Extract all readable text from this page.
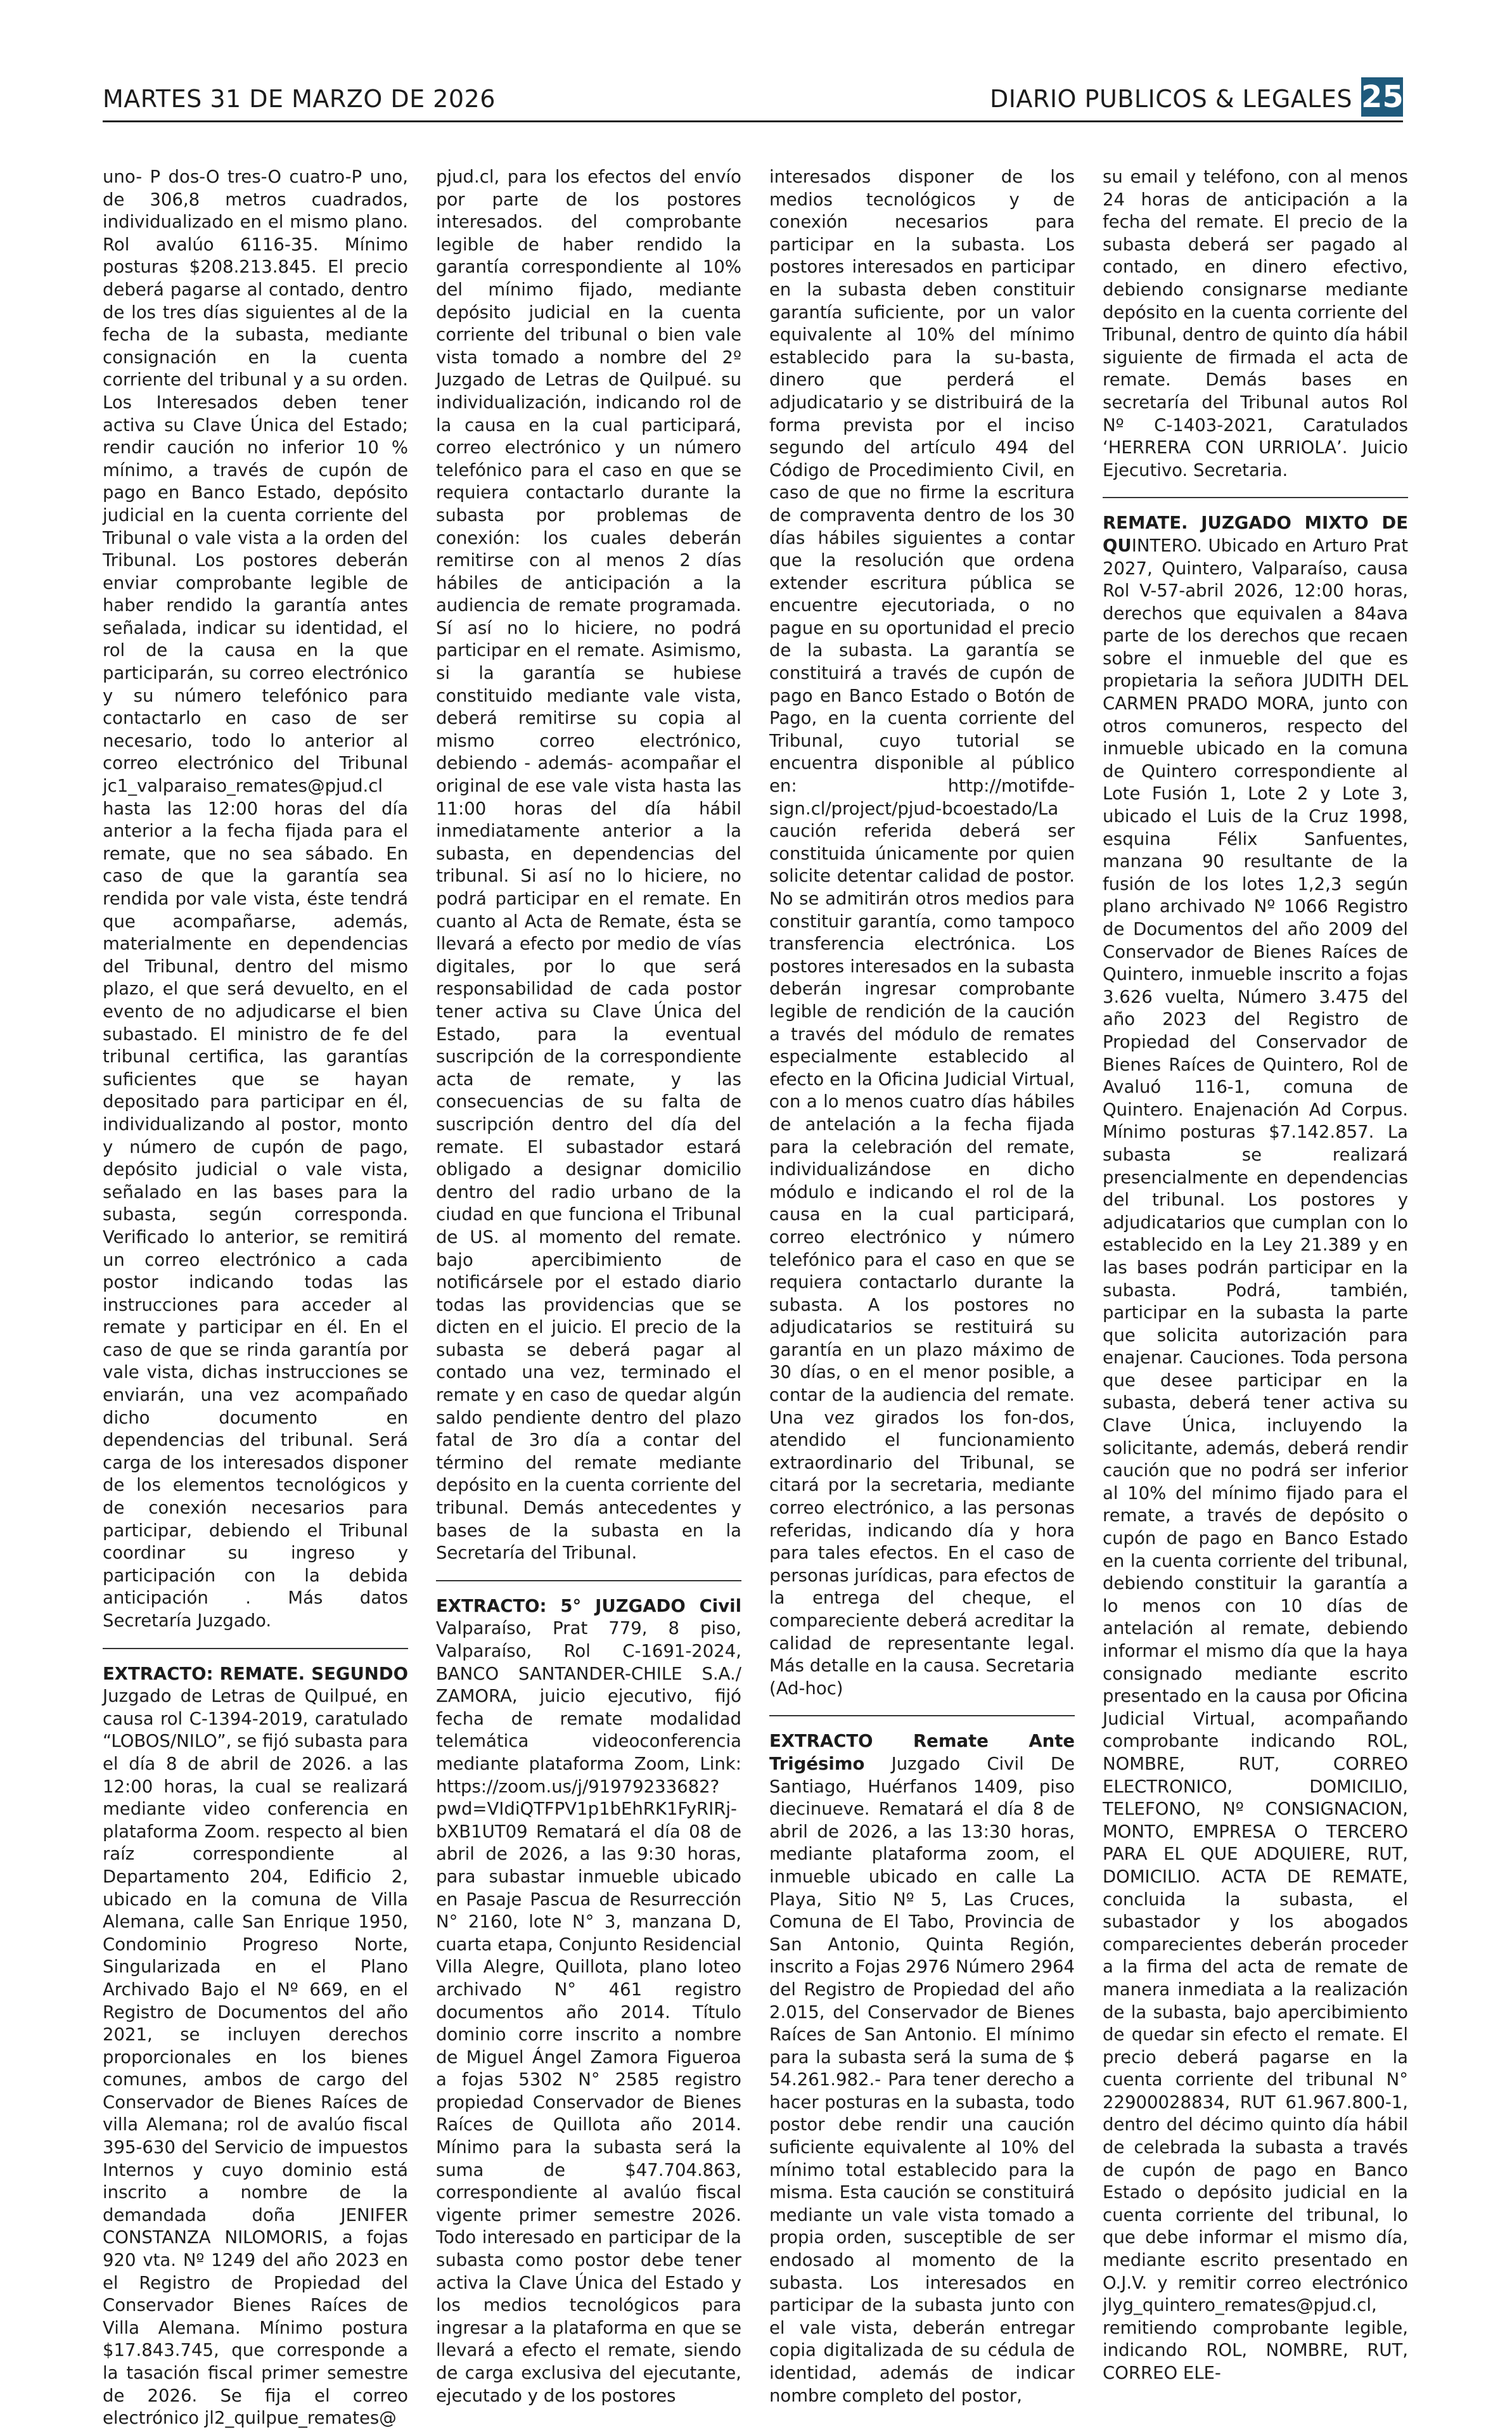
MARTES 31 DE MARZO DE 2026	DIARIO PUBLICOS & LEGALES 25

uno- P dos-O tres-O cuatro-P uno, de 306,8 metros cuadrados, individualizado en el mismo plano. Rol avalúo 6116-35. Mínimo posturas $208.213.845. El precio deberá pagarse al contado, dentro de los tres días siguientes al de la fecha de la subasta, mediante consignación en la cuenta corriente del tribunal y a su orden. Los Interesados deben tener activa su Clave Única del Estado; rendir caución no inferior 10 % mínimo, a través de cupón de pago en Banco Estado, depósito judicial en la cuenta corriente del Tribunal o vale vista a la orden del Tribunal. Los postores deberán enviar comprobante legible de haber rendido la garantía antes señalada, indicar su identidad, el rol de la causa en la que participarán, su correo electrónico y su número telefónico para contactarlo en caso de ser necesario, todo lo anterior al correo electrónico del Tribunal jc1_valparaiso_remates@pjud.cl hasta las 12:00 horas del día anterior a la fecha fijada para el remate, que no sea sábado. En caso de que la garantía sea rendida por vale vista, éste tendrá que acompañarse, además, materialmente en dependencias del Tribunal, dentro del mismo plazo, el que será devuelto, en el evento de no adjudicarse el bien subastado. El ministro de fe del tribunal certifica, las garantías suficientes que se hayan depositado para participar en él, individualizando al postor, monto y número de cupón de pago, depósito judicial o vale vista, señalado en las bases para la subasta, según corresponda. Verificado lo anterior, se remitirá un correo electrónico a cada postor indicando todas las instrucciones para acceder al remate y participar en él. En el caso de que se rinda garantía por vale vista, dichas instrucciones se enviarán, una vez acompañado dicho documento en dependencias del tribunal. Será carga de los interesados disponer de los elementos tecnológicos y de conexión necesarios para participar, debiendo el Tribunal coordinar su ingreso y participación con la debida anticipación . Más datos Secretaría Juzgado.

EXTRACTO: REMATE. SEGUNDO Juzgado de Letras de Quilpué, en causa rol C-1394-2019, caratulado “LOBOS/NILO”, se fijó subasta para el día 8 de abril de 2026. a las 12:00 horas, la cual se realizará mediante video conferencia en plataforma Zoom. respecto al bien raíz correspondiente al Departamento 204, Edificio 2, ubicado en la comuna de Villa Alemana, calle San Enrique 1950, Condominio Progreso Norte, Singularizada en el Plano Archivado Bajo el Nº 669, en el Registro de Documentos del año 2021, se incluyen derechos proporcionales en los bienes comunes, ambos de cargo del Conservador de Bienes Raíces de villa Alemana; rol de avalúo fiscal 395-630 del Servicio de impuestos Internos y cuyo dominio está inscrito a nombre de la demandada doña JENIFER CONSTANZA NILOMORIS, a fojas 920 vta. Nº 1249 del año 2023 en el Registro de Propiedad del Conservador Bienes Raíces de Villa Alemana. Mínimo postura $17.843.745, que corresponde a la tasación fiscal primer semestre de 2026. Se fija el correo electrónico jl2_quilpue_remates@

pjud.cl, para los efectos del envío por parte de los postores interesados. del comprobante legible de haber rendido la garantía correspondiente al 10% del mínimo fijado, mediante depósito judicial en la cuenta corriente del tribunal o bien vale vista tomado a nombre del 2º Juzgado de Letras de Quilpué. su individualización, indicando rol de la causa en la cual participará, correo electrónico y un número telefónico para el caso en que se requiera contactarlo durante la subasta por problemas de conexión: los cuales deberán remitirse con al menos 2 días hábiles de anticipación a la audiencia de remate programada. Sí así no lo hiciere, no podrá participar en el remate. Asimismo, si la garantía se hubiese constituido mediante vale vista, deberá remitirse su copia al mismo correo electrónico, debiendo - además- acompañar el original de ese vale vista hasta las 11:00 horas del día hábil inmediatamente anterior a la subasta, en dependencias del tribunal. Si así no lo hiciere, no podrá participar en el remate. En cuanto al Acta de Remate, ésta se llevará a efecto por medio de vías digitales, por lo que será responsabilidad de cada postor tener activa su Clave Única del Estado, para la eventual suscripción de la correspondiente acta de remate, y las consecuencias de su falta de suscripción dentro del día del remate. El subastador estará obligado a designar domicilio dentro del radio urbano de la ciudad en que funciona el Tribunal de US. al momento del remate. bajo apercibimiento de notificársele por el estado diario todas las providencias que se dicten en el juicio. El precio de la subasta se deberá pagar al contado una vez, terminado el remate y en caso de quedar algún saldo pendiente dentro del plazo fatal de 3ro día a contar del término del remate mediante depósito en la cuenta corriente del tribunal. Demás antecedentes y bases de la subasta en la Secretaría del Tribunal.

EXTRACTO: 5° JUZGADO Civil Valparaíso, Prat 779, 8 piso, Valparaíso, Rol C-1691-2024, BANCO SANTANDER-CHILE S.A./ ZAMORA, juicio ejecutivo, fijó fecha de remate modalidad telemática videoconferencia mediante plataforma Zoom, Link: https://zoom.us/j/91979233682?pwd=VIdiQTFPV1p1bEhRK1FyRIRj-bXB1UT09 Rematará el día 08 de abril de 2026, a las 9:30 horas, para subastar inmueble ubicado en Pasaje Pascua de Resurrección N° 2160, lote N° 3, manzana D, cuarta etapa, Conjunto Residencial Villa Alegre, Quillota, plano loteo archivado N° 461 registro documentos año 2014. Título dominio corre inscrito a nombre de Miguel Ángel Zamora Figueroa a fojas 5302 N° 2585 registro propiedad Conservador de Bienes Raíces de Quillota año 2014. Mínimo para la subasta será la suma de $47.704.863, correspondiente al avalúo fiscal vigente primer semestre 2026. Todo interesado en participar de la subasta como postor debe tener activa la Clave Única del Estado y los medios tecnológicos para ingresar a la plataforma en que se llevará a efecto el remate, siendo de carga exclusiva del ejecutante, ejecutado y de los postores

interesados disponer de los medios tecnológicos y de conexión necesarios para participar en la subasta. Los postores interesados en participar en la subasta deben constituir garantía suficiente, por un valor equivalente al 10% del mínimo establecido para la su-basta, dinero que perderá el adjudicatario y se distribuirá de la forma prevista por el inciso segundo del artículo 494 del Código de Procedimiento Civil, en caso de que no firme la escritura de compraventa dentro de los 30 días hábiles siguientes a contar que la resolución que ordena extender escritura pública se encuentre ejecutoriada, o no pague en su oportunidad el precio de la subasta. La garantía se constituirá a través de cupón de pago en Banco Estado o Botón de Pago, en la cuenta corriente del Tribunal, cuyo tutorial se encuentra disponible al público en: http://motifde-sign.cl/project/pjud-bcoestado/La caución referida deberá ser constituida únicamente por quien solicite detentar calidad de postor. No se admitirán otros medios para constituir garantía, como tampoco transferencia electrónica. Los postores interesados en la subasta deberán ingresar comprobante legible de rendición de la caución a través del módulo de remates especialmente establecido al efecto en la Oficina Judicial Virtual, con a lo menos cuatro días hábiles de antelación a la fecha fijada para la celebración del remate, individualizándose en dicho módulo e indicando el rol de la causa en la cual participará, correo electrónico y número telefónico para el caso en que se requiera contactarlo durante la subasta. A los postores no adjudicatarios se restituirá su garantía en un plazo máximo de 30 días, o en el menor posible, a contar de la audiencia del remate. Una vez girados los fon-dos, atendido el funcionamiento extraordinario del Tribunal, se citará por la secretaria, mediante correo electrónico, a las personas referidas, indicando día y hora para tales efectos. En el caso de personas jurídicas, para efectos de la entrega del cheque, el compareciente deberá acreditar la calidad de representante legal. Más detalle en la causa. Secretaria (Ad-hoc)

EXTRACTO Remate Ante Trigésimo Juzgado Civil De Santiago, Huérfanos 1409, piso diecinueve. Rematará el día 8 de abril de 2026, a las 13:30 horas, mediante plataforma zoom, el inmueble ubicado en calle La Playa, Sitio Nº 5, Las Cruces, Comuna de El Tabo, Provincia de San Antonio, Quinta Región, inscrito a Fojas 2976 Número 2964 del Registro de Propiedad del año 2.015, del Conservador de Bienes Raíces de San Antonio. El mínimo para la subasta será la suma de $ 54.261.982.- Para tener derecho a hacer posturas en la subasta, todo postor debe rendir una caución suficiente equivalente al 10% del mínimo total establecido para la misma. Esta caución se constituirá mediante un vale vista tomado a propia orden, susceptible de ser endosado al momento de la subasta. Los interesados en participar de la subasta junto con el vale vista, deberán entregar copia digitalizada de su cédula de identidad, además de indicar nombre completo del postor,

su email y teléfono, con al menos 24 horas de anticipación a la fecha del remate. El precio de la subasta deberá ser pagado al contado, en dinero efectivo, debiendo consignarse mediante depósito en la cuenta corriente del Tribunal, dentro de quinto día hábil siguiente de firmada el acta de remate. Demás bases en secretaría del Tribunal autos Rol Nº C-1403-2021, Caratulados ‘HERRERA CON URRIOLA’. Juicio Ejecutivo. Secretaria.

REMATE. JUZGADO MIXTO DE QUINTERO. Ubicado en Arturo Prat 2027, Quintero, Valparaíso, causa Rol V-57-abril 2026, 12:00 horas, derechos que equivalen a 84ava parte de los derechos que recaen sobre el inmueble del que es propietaria la señora JUDITH DEL CARMEN PRADO MORA, junto con otros comuneros, respecto del inmueble ubicado en la comuna de Quintero correspondiente al Lote Fusión 1, Lote 2 y Lote 3, ubicado el Luis de la Cruz 1998, esquina Félix Sanfuentes, manzana 90 resultante de la fusión de los lotes 1,2,3 según plano archivado Nº 1066 Registro de Documentos del año 2009 del Conservador de Bienes Raíces de Quintero, inmueble inscrito a fojas 3.626 vuelta, Número 3.475 del año 2023 del Registro de Propiedad del Conservador de Bienes Raíces de Quintero, Rol de Avaluó 116-1, comuna de Quintero. Enajenación Ad Corpus. Mínimo posturas $7.142.857. La subasta se realizará presencialmente en dependencias del tribunal. Los postores y adjudicatarios que cumplan con lo establecido en la Ley 21.389 y en las bases podrán participar en la subasta. Podrá, también, participar en la subasta la parte que solicita autorización para enajenar. Cauciones. Toda persona que desee participar en la subasta, deberá tener activa su Clave Única, incluyendo la solicitante, además, deberá rendir caución que no podrá ser inferior al 10% del mínimo fijado para el remate, a través de depósito o cupón de pago en Banco Estado en la cuenta corriente del tribunal, debiendo constituir la garantía a lo menos con 10 días de antelación al remate, debiendo informar el mismo día que la haya consignado mediante escrito presentado en la causa por Oficina Judicial Virtual, acompañando comprobante indicando ROL, NOMBRE, RUT, CORREO ELECTRONICO, DOMICILIO, TELEFONO, Nº CONSIGNACION, MONTO, EMPRESA O TERCERO PARA EL QUE ADQUIERE, RUT, DOMICILIO. ACTA DE REMATE, concluida la subasta, el subastador y los abogados comparecientes deberán proceder a la firma del acta de remate de manera inmediata a la realización de la subasta, bajo apercibimiento de quedar sin efecto el remate. El precio deberá pagarse en la cuenta corriente del tribunal N° 22900028834, RUT 61.967.800-1, dentro del décimo quinto día hábil de celebrada la subasta a través de cupón de pago en Banco Estado o depósito judicial en la cuenta corriente del tribunal, lo que debe informar el mismo día, mediante escrito presentado en O.J.V. y remitir correo electrónico jlyg_quintero_remates@pjud.cl, remitiendo comprobante legible, indicando ROL, NOMBRE, RUT, CORREO ELE-
